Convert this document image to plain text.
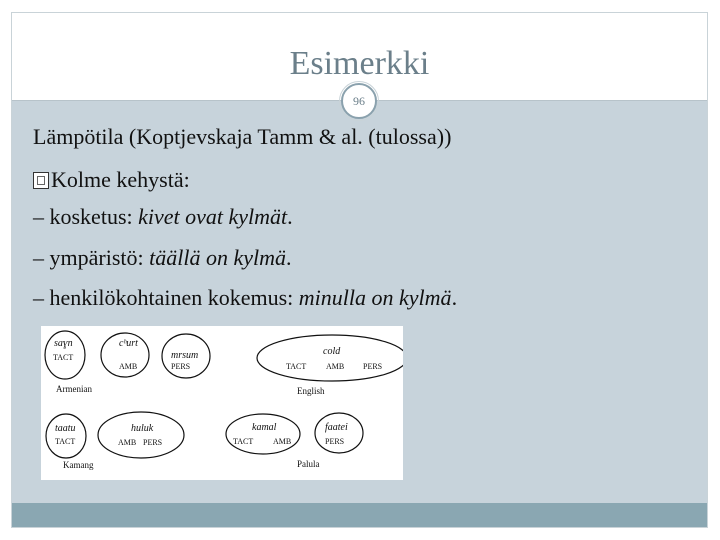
Esimerkki
96
Lämpötila (Koptjevskaja Tamm & al. (tulossa))
Kolme kehystä:
– kosketus: kivet ovat kylmät.
– ympäristö: täällä on kylmä.
– henkilökohtainen kokemus: minulla on kylmä.
saɣn
TACT
cʰurt
AMB
mrsum
PERS
Armenian
cold
TACT AMB PERS
English
taatu
TACT
huluk
AMB PERS
Kamang
kamal
TACT AMB
faatei
PERS
Palula
